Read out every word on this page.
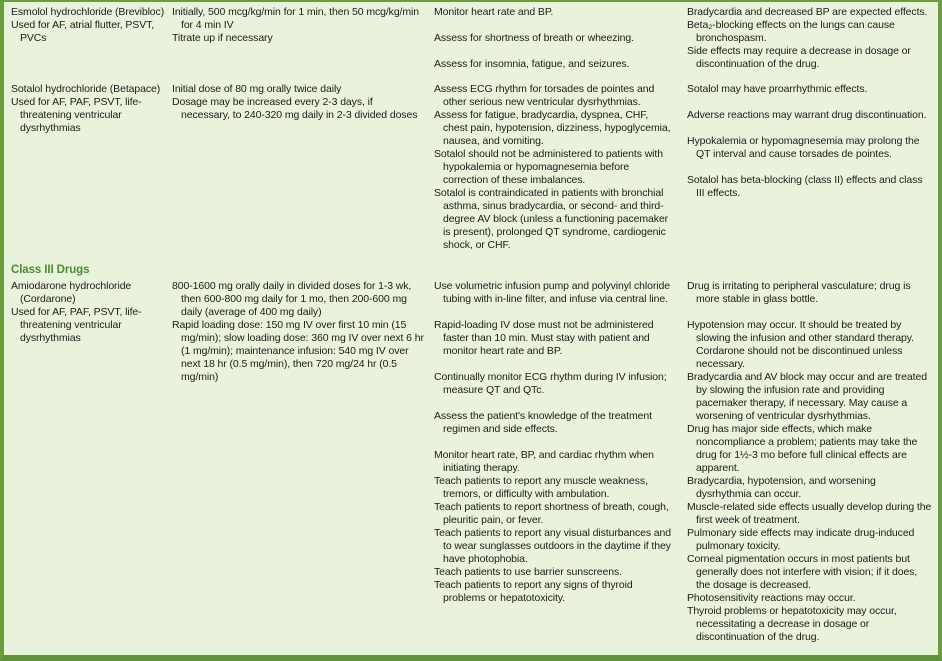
Esmolol hydrochloride (Brevibloc)

Used for AF, atrial flutter, PSVT, PVCs

Initially, 500 mcg/kg/min for 1 min, then 50 mcg/kg/min for 4 min IV

Titrate up if necessary

Monitor heart rate and BP.

Assess for shortness of breath or wheezing.

Assess for insomnia, fatigue, and seizures.

Bradycardia and decreased BP are expected effects.

Beta₂-blocking effects on the lungs can cause bronchospasm.

Side effects may require a decrease in dosage or discontinuation of the drug.

Sotalol hydrochloride (Betapace)

Used for AF, PAF, PSVT, life-threatening ventricular dysrhythmias

Initial dose of 80 mg orally twice daily

Dosage may be increased every 2-3 days, if necessary, to 240-320 mg daily in 2-3 divided doses

Assess ECG rhythm for torsades de pointes and other serious new ventricular dysrhythmias.

Assess for fatigue, bradycardia, dyspnea, CHF, chest pain, hypotension, dizziness, hypoglycemia, nausea, and vomiting.

Sotalol should not be administered to patients with hypokalemia or hypomagnesemia before correction of these imbalances.

Sotalol is contraindicated in patients with bronchial asthma, sinus bradycardia, or second- and third-degree AV block (unless a functioning pacemaker is present), prolonged QT syndrome, cardiogenic shock, or CHF.

Sotalol may have proarrhythmic effects.

Adverse reactions may warrant drug discontinuation.

Hypokalemia or hypomagnesemia may prolong the QT interval and cause torsades de pointes.

Sotalol has beta-blocking (class II) effects and class III effects.

Class III Drugs

Amiodarone hydrochloride (Cordarone)

Used for AF, PAF, PSVT, life-threatening ventricular dysrhythmias

800-1600 mg orally daily in divided doses for 1-3 wk, then 600-800 mg daily for 1 mo, then 200-600 mg daily (average of 400 mg daily)

Rapid loading dose: 150 mg IV over first 10 min (15 mg/min); slow loading dose: 360 mg IV over next 6 hr (1 mg/min); maintenance infusion: 540 mg IV over next 18 hr (0.5 mg/min), then 720 mg/24 hr (0.5 mg/min)

Use volumetric infusion pump and polyvinyl chloride tubing with in-line filter, and infuse via central line.

Rapid-loading IV dose must not be administered faster than 10 min. Must stay with patient and monitor heart rate and BP.

Continually monitor ECG rhythm during IV infusion; measure QT and QTc.

Assess the patient's knowledge of the treatment regimen and side effects.

Monitor heart rate, BP, and cardiac rhythm when initiating therapy.

Teach patients to report any muscle weakness, tremors, or difficulty with ambulation.

Teach patients to report shortness of breath, cough, pleuritic pain, or fever.

Teach patients to report any visual disturbances and to wear sunglasses outdoors in the daytime if they have photophobia.

Teach patients to use barrier sunscreens.

Teach patients to report any signs of thyroid problems or hepatotoxicity.

Drug is irritating to peripheral vasculature; drug is more stable in glass bottle.

Hypotension may occur. It should be treated by slowing the infusion and other standard therapy. Cordarone should not be discontinued unless necessary.

Bradycardia and AV block may occur and are treated by slowing the infusion rate and providing pacemaker therapy, if necessary. May cause a worsening of ventricular dysrhythmias.

Drug has major side effects, which make noncompliance a problem; patients may take the drug for 1½-3 mo before full clinical effects are apparent.

Bradycardia, hypotension, and worsening dysrhythmia can occur.

Muscle-related side effects usually develop during the first week of treatment.

Pulmonary side effects may indicate drug-induced pulmonary toxicity.

Corneal pigmentation occurs in most patients but generally does not interfere with vision; if it does, the dosage is decreased.

Photosensitivity reactions may occur.

Thyroid problems or hepatotoxicity may occur, necessitating a decrease in dosage or discontinuation of the drug.
